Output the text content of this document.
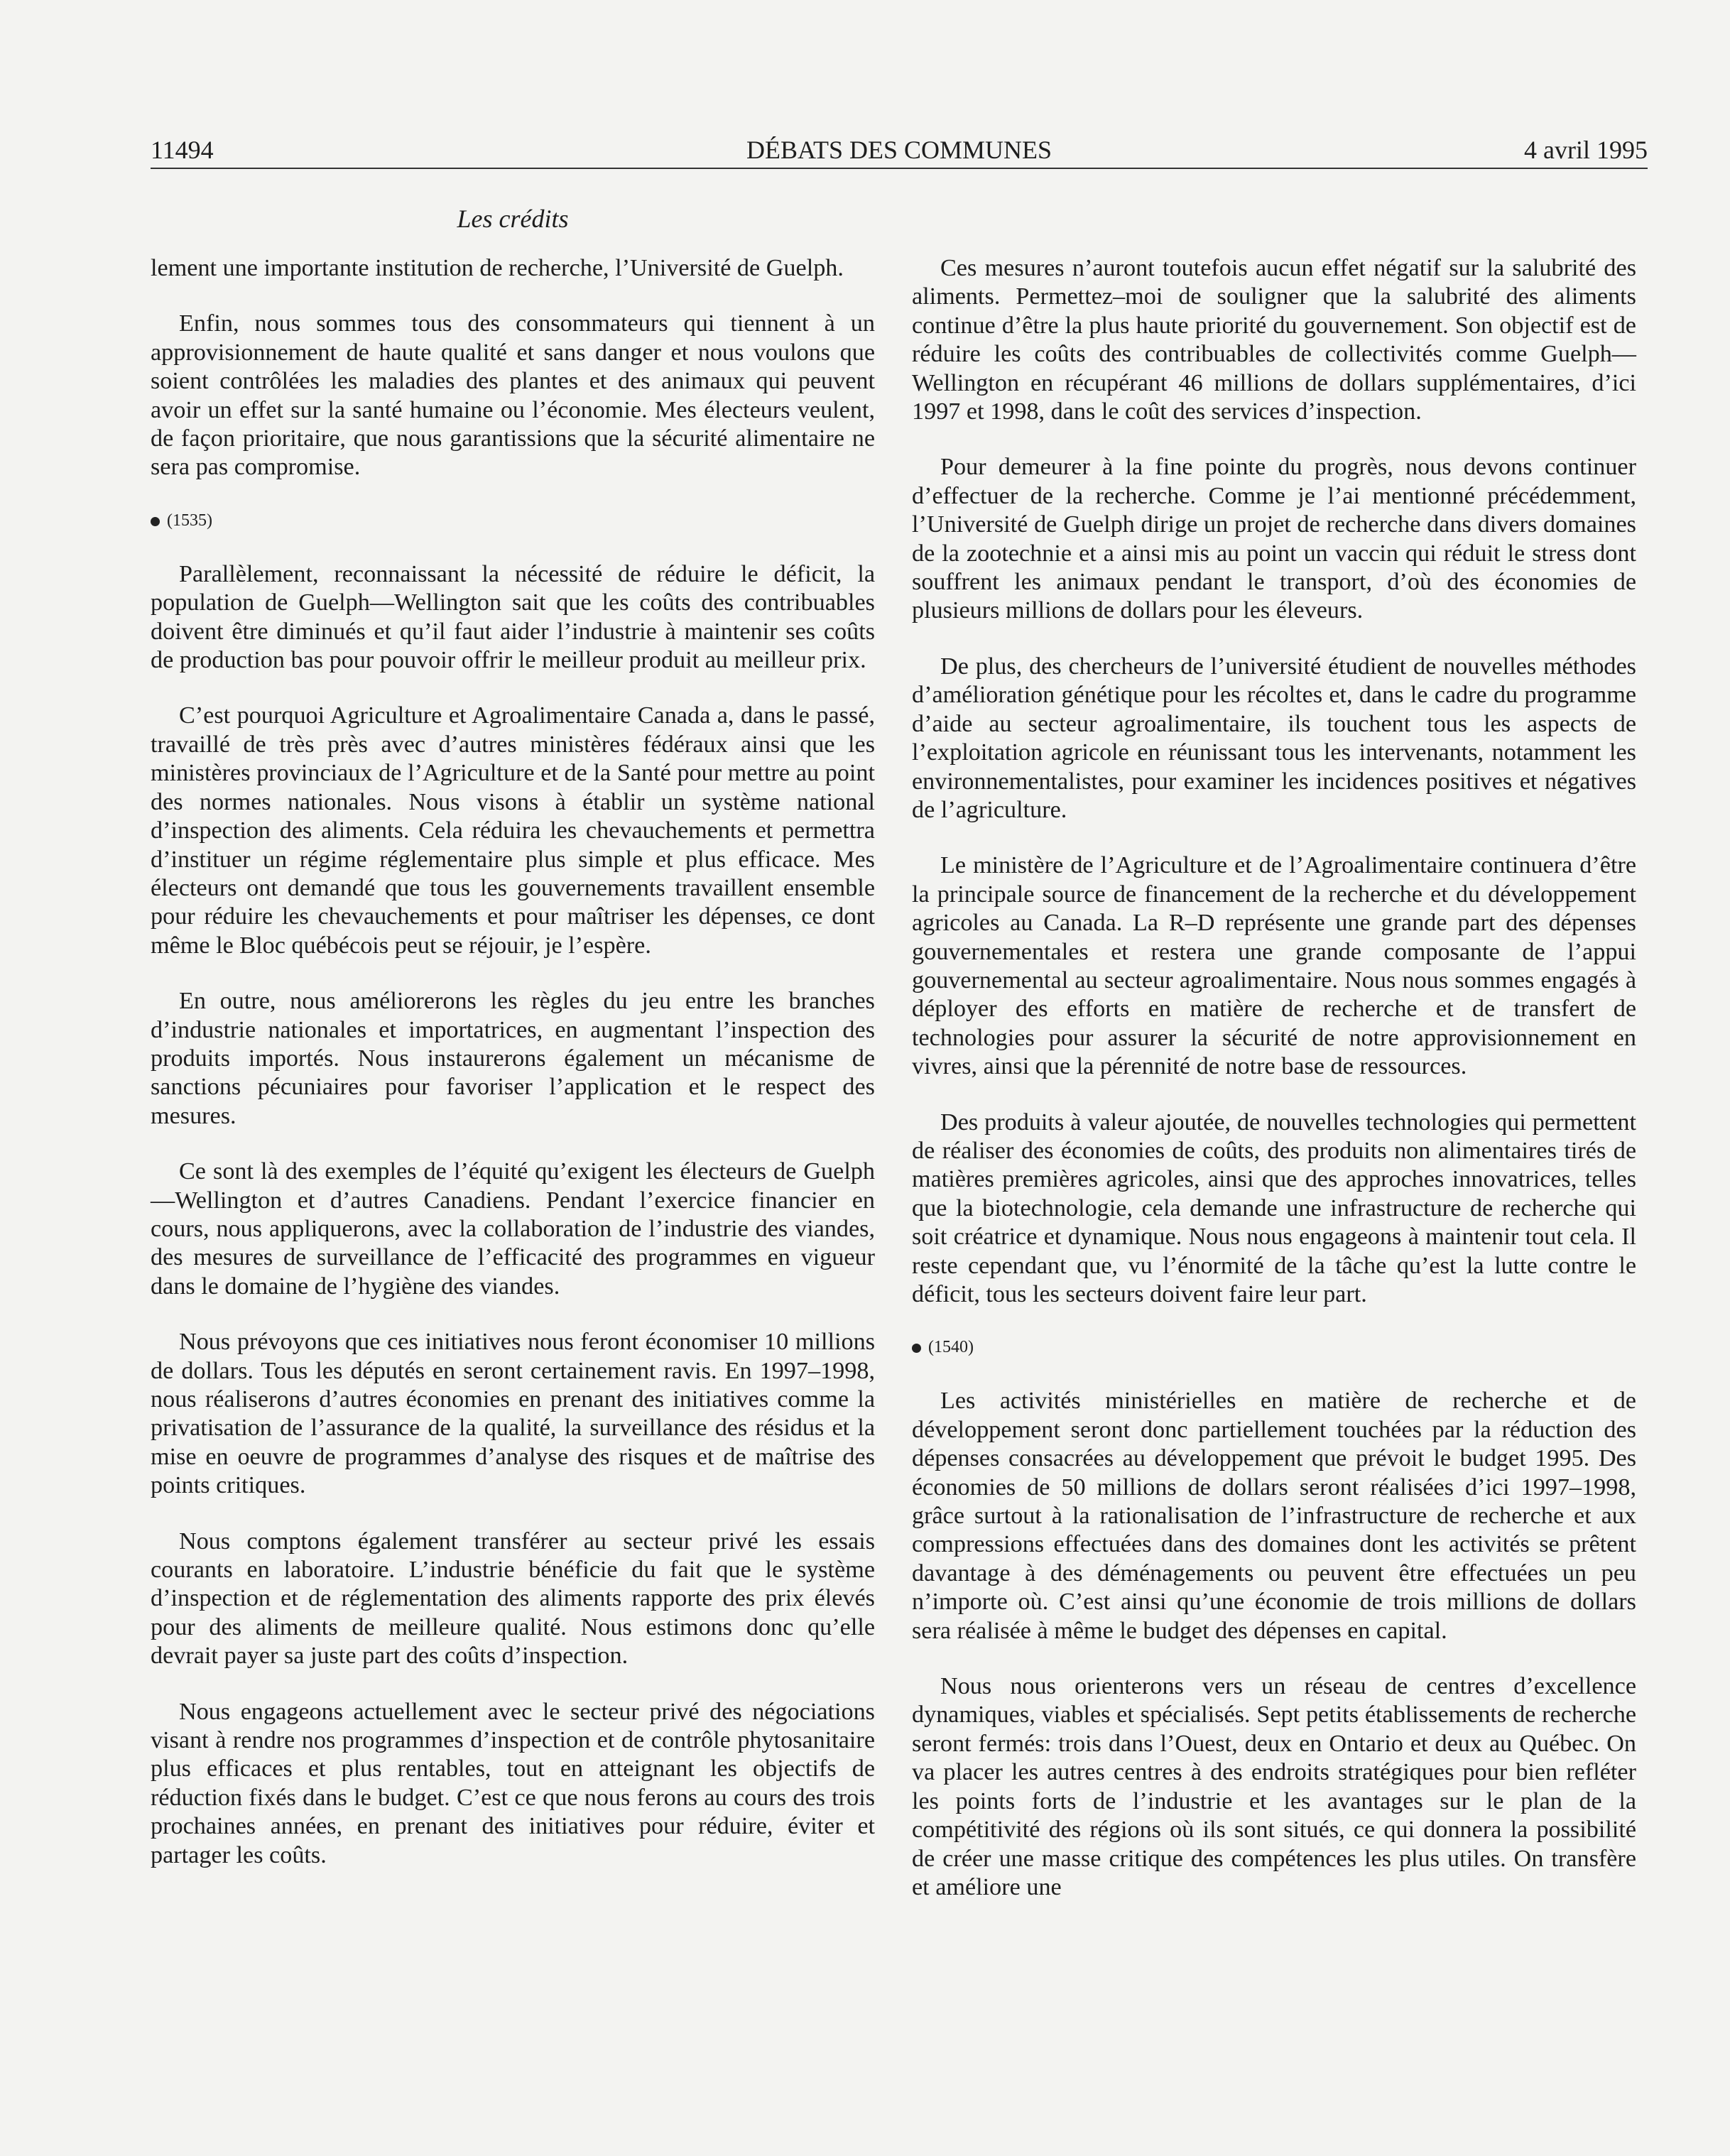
11494	DÉBATS DES COMMUNES	4 avril 1995
Les crédits

lement une importante institution de recherche, l’Université de Guelph.

Enfin, nous sommes tous des consommateurs qui tiennent à un approvisionnement de haute qualité et sans danger et nous voulons que soient contrôlées les maladies des plantes et des animaux qui peuvent avoir un effet sur la santé humaine ou l’économie. Mes électeurs veulent, de façon prioritaire, que nous garantissions que la sécurité alimentaire ne sera pas compromise.

(1535)

Parallèlement, reconnaissant la nécessité de réduire le déficit, la population de Guelph—Wellington sait que les coûts des contribuables doivent être diminués et qu’il faut aider l’industrie à maintenir ses coûts de production bas pour pouvoir offrir le meilleur produit au meilleur prix.

C’est pourquoi Agriculture et Agroalimentaire Canada a, dans le passé, travaillé de très près avec d’autres ministères fédéraux ainsi que les ministères provinciaux de l’Agriculture et de la Santé pour mettre au point des normes nationales. Nous visons à établir un système national d’inspection des aliments. Cela réduira les chevauchements et permettra d’instituer un régime réglementaire plus simple et plus efficace. Mes électeurs ont demandé que tous les gouvernements travaillent ensemble pour réduire les chevauchements et pour maîtriser les dépenses, ce dont même le Bloc québécois peut se réjouir, je l’espère.

En outre, nous améliorerons les règles du jeu entre les branches d’industrie nationales et importatrices, en augmentant l’inspection des produits importés. Nous instaurerons également un mécanisme de sanctions pécuniaires pour favoriser l’application et le respect des mesures.

Ce sont là des exemples de l’équité qu’exigent les électeurs de Guelph—Wellington et d’autres Canadiens. Pendant l’exercice financier en cours, nous appliquerons, avec la collaboration de l’industrie des viandes, des mesures de surveillance de l’efficacité des programmes en vigueur dans le domaine de l’hygiène des viandes.

Nous prévoyons que ces initiatives nous feront économiser 10 millions de dollars. Tous les députés en seront certainement ravis. En 1997–1998, nous réaliserons d’autres économies en prenant des initiatives comme la privatisation de l’assurance de la qualité, la surveillance des résidus et la mise en oeuvre de programmes d’analyse des risques et de maîtrise des points critiques.

Nous comptons également transférer au secteur privé les essais courants en laboratoire. L’industrie bénéficie du fait que le système d’inspection et de réglementation des aliments rapporte des prix élevés pour des aliments de meilleure qualité. Nous estimons donc qu’elle devrait payer sa juste part des coûts d’inspection.

Nous engageons actuellement avec le secteur privé des négociations visant à rendre nos programmes d’inspection et de contrôle phytosanitaire plus efficaces et plus rentables, tout en atteignant les objectifs de réduction fixés dans le budget. C’est ce que nous ferons au cours des trois prochaines années, en prenant des initiatives pour réduire, éviter et partager les coûts.

Ces mesures n’auront toutefois aucun effet négatif sur la salubrité des aliments. Permettez–moi de souligner que la salubrité des aliments continue d’être la plus haute priorité du gouvernement. Son objectif est de réduire les coûts des contribuables de collectivités comme Guelph—Wellington en récupérant 46 millions de dollars supplémentaires, d’ici 1997 et 1998, dans le coût des services d’inspection.

Pour demeurer à la fine pointe du progrès, nous devons continuer d’effectuer de la recherche. Comme je l’ai mentionné précédemment, l’Université de Guelph dirige un projet de recherche dans divers domaines de la zootechnie et a ainsi mis au point un vaccin qui réduit le stress dont souffrent les animaux pendant le transport, d’où des économies de plusieurs millions de dollars pour les éleveurs.

De plus, des chercheurs de l’université étudient de nouvelles méthodes d’amélioration génétique pour les récoltes et, dans le cadre du programme d’aide au secteur agroalimentaire, ils touchent tous les aspects de l’exploitation agricole en réunissant tous les intervenants, notamment les environnementalistes, pour examiner les incidences positives et négatives de l’agriculture.

Le ministère de l’Agriculture et de l’Agroalimentaire continuera d’être la principale source de financement de la recherche et du développement agricoles au Canada. La R–D représente une grande part des dépenses gouvernementales et restera une grande composante de l’appui gouvernemental au secteur agroalimentaire. Nous nous sommes engagés à déployer des efforts en matière de recherche et de transfert de technologies pour assurer la sécurité de notre approvisionnement en vivres, ainsi que la pérennité de notre base de ressources.

Des produits à valeur ajoutée, de nouvelles technologies qui permettent de réaliser des économies de coûts, des produits non alimentaires tirés de matières premières agricoles, ainsi que des approches innovatrices, telles que la biotechnologie, cela demande une infrastructure de recherche qui soit créatrice et dynamique. Nous nous engageons à maintenir tout cela. Il reste cependant que, vu l’énormité de la tâche qu’est la lutte contre le déficit, tous les secteurs doivent faire leur part.

(1540)

Les activités ministérielles en matière de recherche et de développement seront donc partiellement touchées par la réduction des dépenses consacrées au développement que prévoit le budget 1995. Des économies de 50 millions de dollars seront réalisées d’ici 1997–1998, grâce surtout à la rationalisation de l’infrastructure de recherche et aux compressions effectuées dans des domaines dont les activités se prêtent davantage à des déménagements ou peuvent être effectuées un peu n’importe où. C’est ainsi qu’une économie de trois millions de dollars sera réalisée à même le budget des dépenses en capital.

Nous nous orienterons vers un réseau de centres d’excellence dynamiques, viables et spécialisés. Sept petits établissements de recherche seront fermés: trois dans l’Ouest, deux en Ontario et deux au Québec. On va placer les autres centres à des endroits stratégiques pour bien refléter les points forts de l’industrie et les avantages sur le plan de la compétitivité des régions où ils sont situés, ce qui donnera la possibilité de créer une masse critique des compétences les plus utiles. On transfère et améliore une
